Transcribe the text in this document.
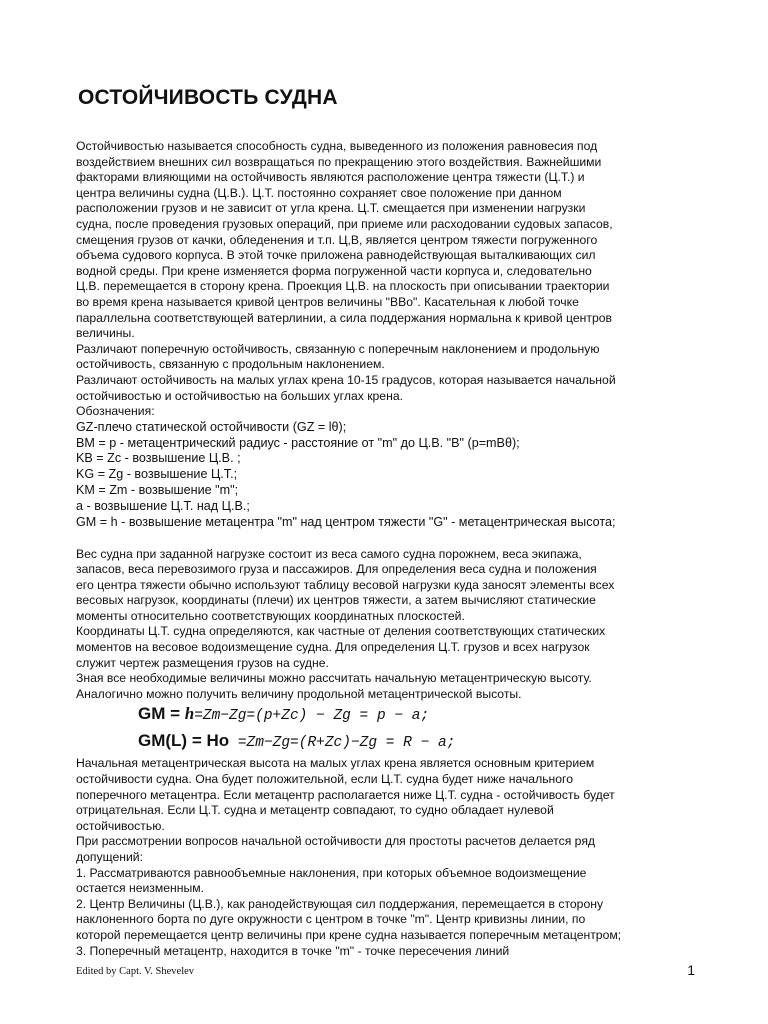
ОСТОЙЧИВОСТЬ СУДНА
Остойчивостью называется способность судна, выведенного из положения равновесия под
воздействием внешних сил возвращаться по прекращению этого воздействия. Важнейшими
факторами влияющими на остойчивость являются расположение центра тяжести (Ц.Т.) и
центра величины судна (Ц.В.). Ц.Т. постоянно сохраняет свое положение при данном
расположении грузов и не зависит от угла крена. Ц.Т. смещается при изменении нагрузки
судна, после проведения грузовых операций, при приеме или расходовании судовых запасов,
смещения грузов от качки, обледенения и т.п. Ц,В, является центром тяжести погруженного
объема судового корпуса. В этой точке приложена равнодействующая выталкивающих сил
водной среды. При крене изменяется форма погруженной части корпуса и, следовательно
Ц.В. перемещается в сторону крена. Проекция Ц.В. на плоскость при описывании траектории
во время крена называется кривой центров величины "ВВо". Касательная к любой точке
параллельна соответствующей ватерлинии, а сила поддержания нормальна к кривой центров
величины.
Различают поперечную остойчивость, связанную с поперечным наклонением и продольную
остойчивость, связанную с продольным наклонением.
Различают остойчивость на малых углах крена 10-15 градусов, которая называется начальной
остойчивостью и остойчивостью на больших углах крена.
Обозначения:
GZ-плечо статической остойчивости (GZ = lθ);
BM = р - метацентрический радиус - расстояние от "m" до Ц.В. "В" (р=mBθ);
KB = Zc - возвышение Ц.В. ;
KG = Zg - возвышение Ц.Т.;
KM = Zm - возвышение "m";
a - возвышение Ц.Т. над Ц.В.;
GM = h - возвышение метацентра "m" над центром тяжести "G" - метацентрическая высота;
Вес судна при заданной нагрузке состоит из веса самого судна порожнем, веса экипажа,
запасов, веса перевозимого груза и пассажиров. Для определения веса судна и положения
его центра тяжести обычно используют таблицу весовой нагрузки куда заносят элементы всех
весовых нагрузок, координаты (плечи) их центров тяжести, а затем вычисляют статические
моменты относительно соответствующих координатных плоскостей.
Координаты Ц.Т. судна определяются, как частные от деления соответствующих статических
моментов на весовое водоизмещение судна. Для определения Ц.Т. грузов и всех нагрузок
служит чертеж размещения грузов на судне.
Зная все необходимые величины можно рассчитать начальную метацентрическую высоту.
Аналогично можно получить величину продольной метацентрической высоты.
GM = h=Zm−Zg=(p+Zc) − Zg = p − a;
GM(L) = Ho =Zm−Zg=(R+Zc)−Zg = R − a;
Начальная метацентрическая высота на малых углах крена является основным критерием
остойчивости судна. Она будет положительной, если Ц.Т. судна будет ниже начального
поперечного метацентра. Если метацентр располагается ниже Ц.Т. судна - остойчивость будет
отрицательная. Если Ц.Т. судна и метацентр совпадают, то судно обладает нулевой
остойчивостью.
При рассмотрении вопросов начальной остойчивости для простоты расчетов делается ряд
допущений:
1. Рассматриваются равнообъемные наклонения, при которых объемное водоизмещение
остается неизменным.
2. Центр Величины (Ц.В.), как ранодействующая сил поддержания, перемещается в сторону
наклоненного борта по дуге окружности с центром в точке "m". Центр кривизны линии, по
которой перемещается центр величины при крене судна называется поперечным метацентром;
3. Поперечный метацентр, находится в точке "m" - точке пересечения линий
Edited by Capt. V. Shevelev	1
